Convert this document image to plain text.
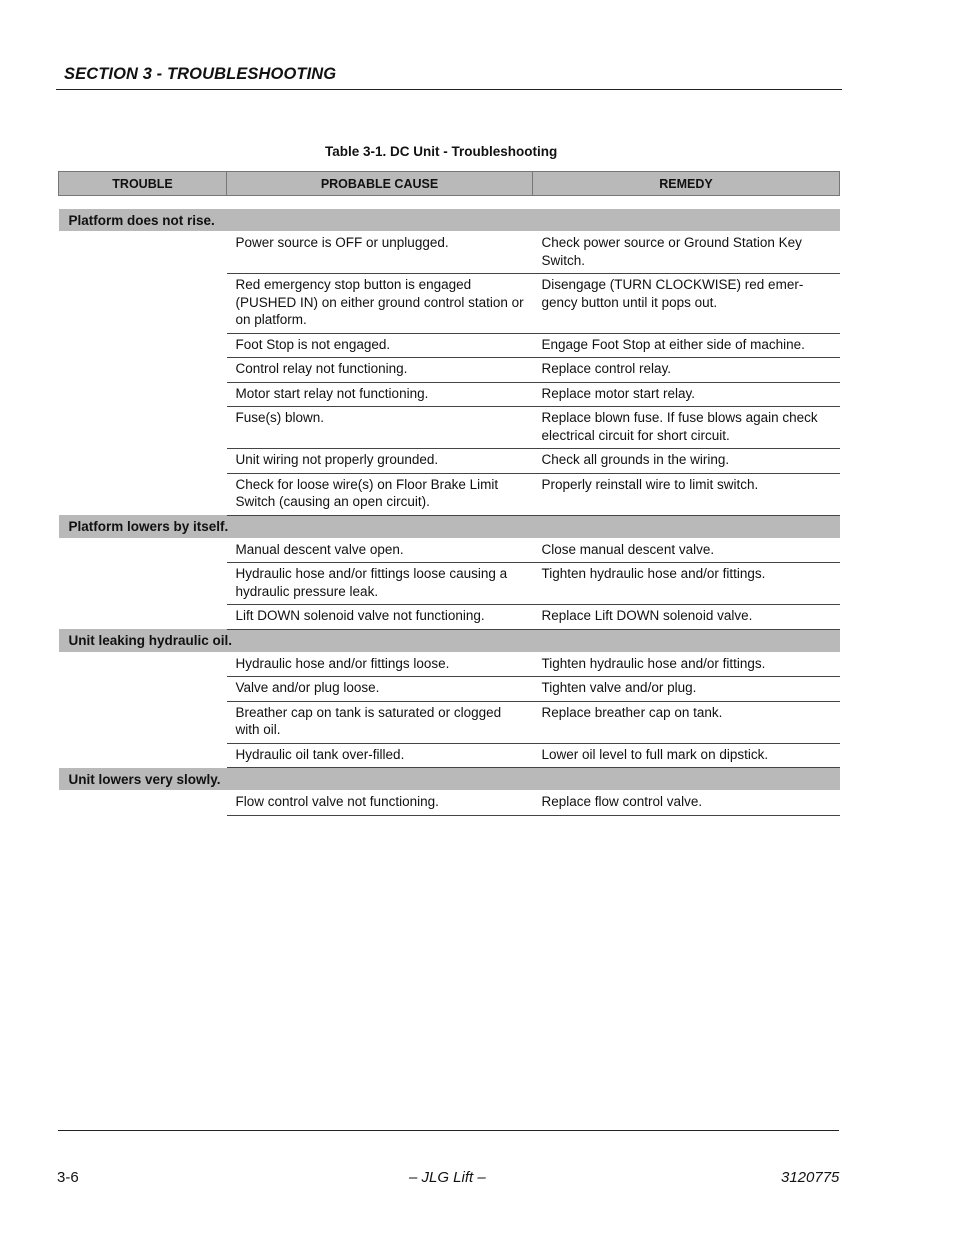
SECTION 3 - TROUBLESHOOTING
Table 3-1. DC Unit - Troubleshooting
TROUBLE	PROBABLE CAUSE	REMEDY

Platform does not rise.		
	Power source is OFF or unplugged.	Check power source or Ground Station Key Switch.
	Red emergency stop button is engaged (PUSHED IN) on either ground control station or on platform.	Disengage (TURN CLOCKWISE) red emer-gency button until it pops out.
	Foot Stop is not engaged.	Engage Foot Stop at either side of machine.
	Control relay not functioning.	Replace control relay.
	Motor start relay not functioning.	Replace motor start relay.
	Fuse(s) blown.	Replace blown fuse. If fuse blows again check electrical circuit for short circuit.
	Unit wiring not properly grounded.	Check all grounds in the wiring.
	Check for loose wire(s) on Floor Brake Limit Switch (causing an open circuit).	Properly reinstall wire to limit switch.
Platform lowers by itself.		
	Manual descent valve open.	Close manual descent valve.
	Hydraulic hose and/or fittings loose causing a hydraulic pressure leak.	Tighten hydraulic hose and/or fittings.
	Lift DOWN solenoid valve not functioning.	Replace Lift DOWN solenoid valve.
Unit leaking hydraulic oil.		
	Hydraulic hose and/or fittings loose.	Tighten hydraulic hose and/or fittings.
	Valve and/or plug loose.	Tighten valve and/or plug.
	Breather cap on tank is saturated or clogged with oil.	Replace breather cap on tank.
	Hydraulic oil tank over-filled.	Lower oil level to full mark on dipstick.
Unit lowers very slowly.		
	Flow control valve not functioning.	Replace flow control valve.
3-6	– JLG Lift –	3120775
